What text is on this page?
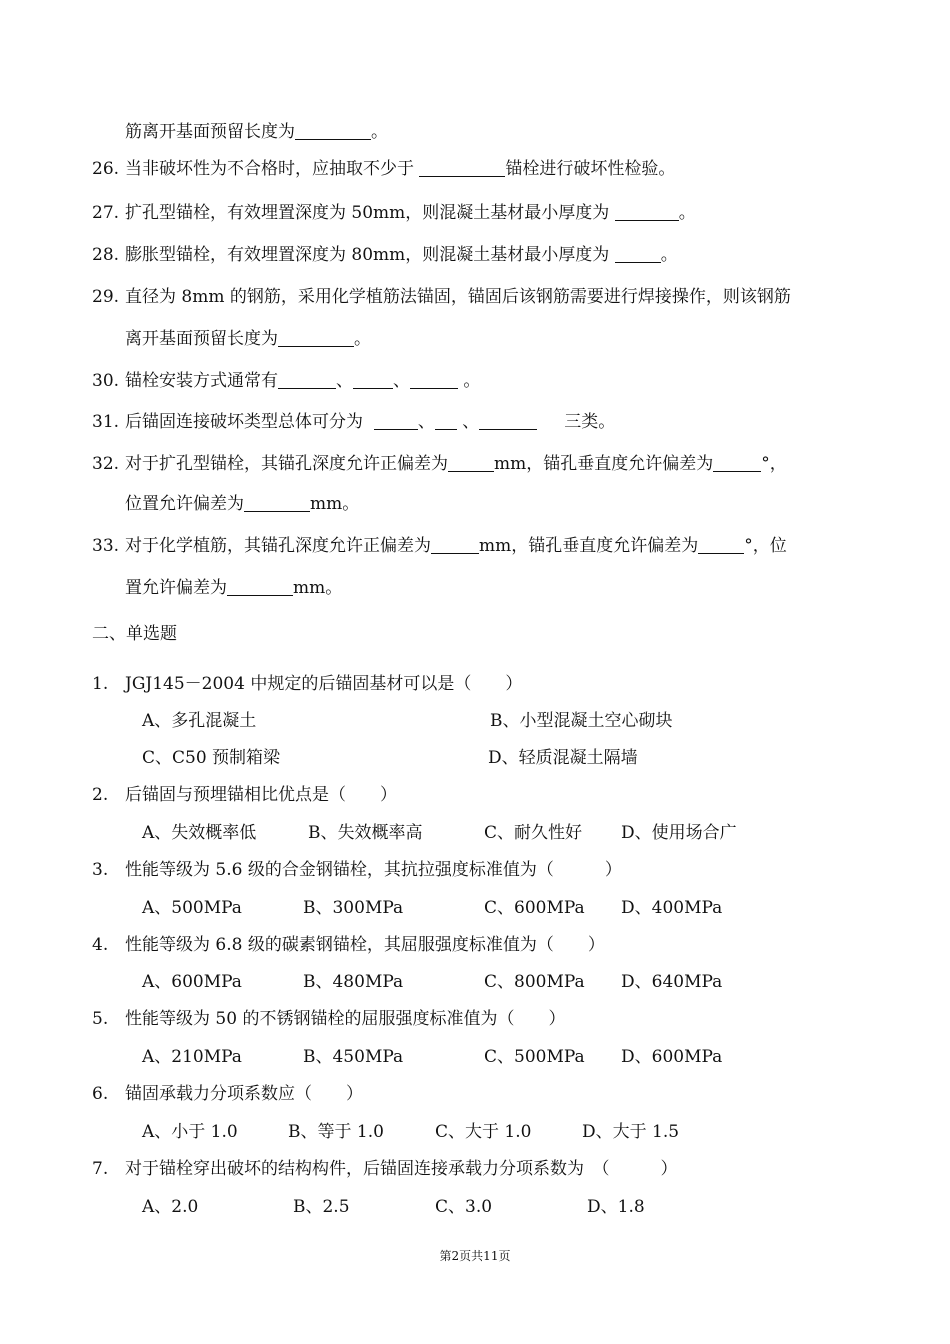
筋离开基面预留长度为	。
26. 当非破坏性为不合格时，应抽取不少于	锚栓进行破坏性检验。
27. 扩孔型锚栓，有效埋置深度为 50mm，则混凝土基材最小厚度为	。
28. 膨胀型锚栓，有效埋置深度为 80mm，则混凝土基材最小厚度为	。
29. 直径为 8mm 的钢筋，采用化学植筋法锚固，锚固后该钢筋需要进行焊接操作，则该钢筋
离开基面预留长度为	。
30. 锚栓安装方式通常有	、 、	。
31. 后锚固连接破坏类型总体可分为	、 、	三类。
32. 对于扩孔型锚栓，其锚孔深度允许正偏差为	mm，锚孔垂直度允许偏差为	°，
位置允许偏差为	mm。
33. 对于化学植筋，其锚孔深度允许正偏差为	mm，锚孔垂直度允许偏差为	°，位
置允许偏差为	mm。
二、单选题
1. JGJ145－2004 中规定的后锚固基材可以是（　　）
A、多孔混凝土	B、小型混凝土空心砌块
C、C50 预制箱梁	D、轻质混凝土隔墙
2. 后锚固与预埋锚相比优点是（　　）
A、失效概率低	B、失效概率高	C、耐久性好 D、使用场合广
3. 性能等级为 5.6 级的合金钢锚栓，其抗拉强度标准值为（　　　）
A、500MPa	B、300MPa	C、600MPa D、400MPa
4. 性能等级为 6.8 级的碳素钢锚栓，其屈服强度标准值为（　　）
A、600MPa	B、480MPa	C、800MPa D、640MPa
5. 性能等级为 50 的不锈钢锚栓的屈服强度标准值为（　　）
A、210MPa	B、450MPa	C、500MPa D、600MPa
6. 锚固承载力分项系数应（　　）
A、小于 1.0	B、等于 1.0	C、大于 1.0	D、大于 1.5
7. 对于锚栓穿出破坏的结构构件，后锚固连接承载力分项系数为　（　　　）
A、2.0	B、2.5	C、3.0	D、1.8
第2页共11页
